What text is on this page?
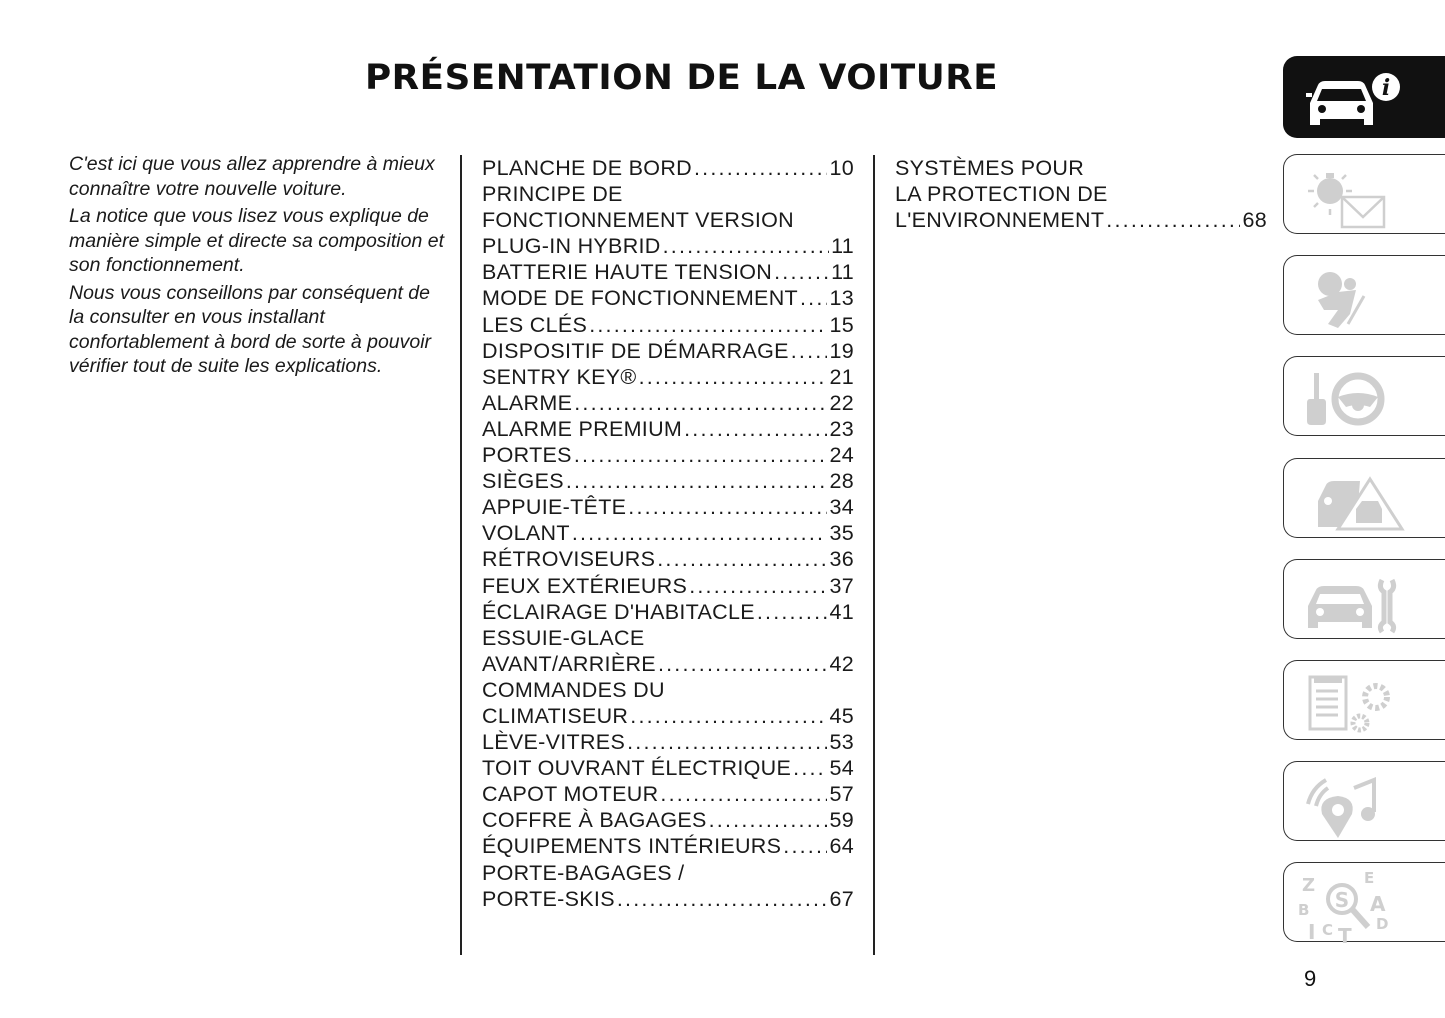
PRÉSENTATION DE LA VOITURE

C'est ici que vous allez apprendre à mieux connaître votre nouvelle voiture.

La notice que vous lisez vous explique de manière simple et directe sa composition et son fonctionnement.

Nous vous conseillons par conséquent de la consulter en vous installant confortablement à bord de sorte à pouvoir vérifier tout de suite les explications.

PLANCHE DE BORD .....	10
PRINCIPE DE
FONCTIONNEMENT VERSION
PLUG-IN HYBRID .....	11
BATTERIE HAUTE TENSION .....	11
MODE DE FONCTIONNEMENT ..... 13
LES CLÉS .....	15
DISPOSITIF DE DÉMARRAGE ..... 19
SENTRY KEY® .....	21
ALARME .....	22
ALARME PREMIUM .....	23
PORTES .....	24
SIÈGES .....	28
APPUIE-TÊTE .....	34
VOLANT .....	35
RÉTROVISEURS .....	36
FEUX EXTÉRIEURS .....	37
ÉCLAIRAGE D'HABITACLE .....	41
ESSUIE-GLACE
AVANT/ARRIÈRE .....	42
COMMANDES DU
CLIMATISEUR .....	45
LÈVE-VITRES .....	53
TOIT OUVRANT ÉLECTRIQUE ..... 54
CAPOT MOTEUR .....	57
COFFRE À BAGAGES .....	59
ÉQUIPEMENTS INTÉRIEURS ..... 64
PORTE-BAGAGES /
PORTE-SKIS .....	67
SYSTÈMES POUR
LA PROTECTION DE
L'ENVIRONNEMENT .....	68
i
Z
B
I C T
E
A
D
S
9
